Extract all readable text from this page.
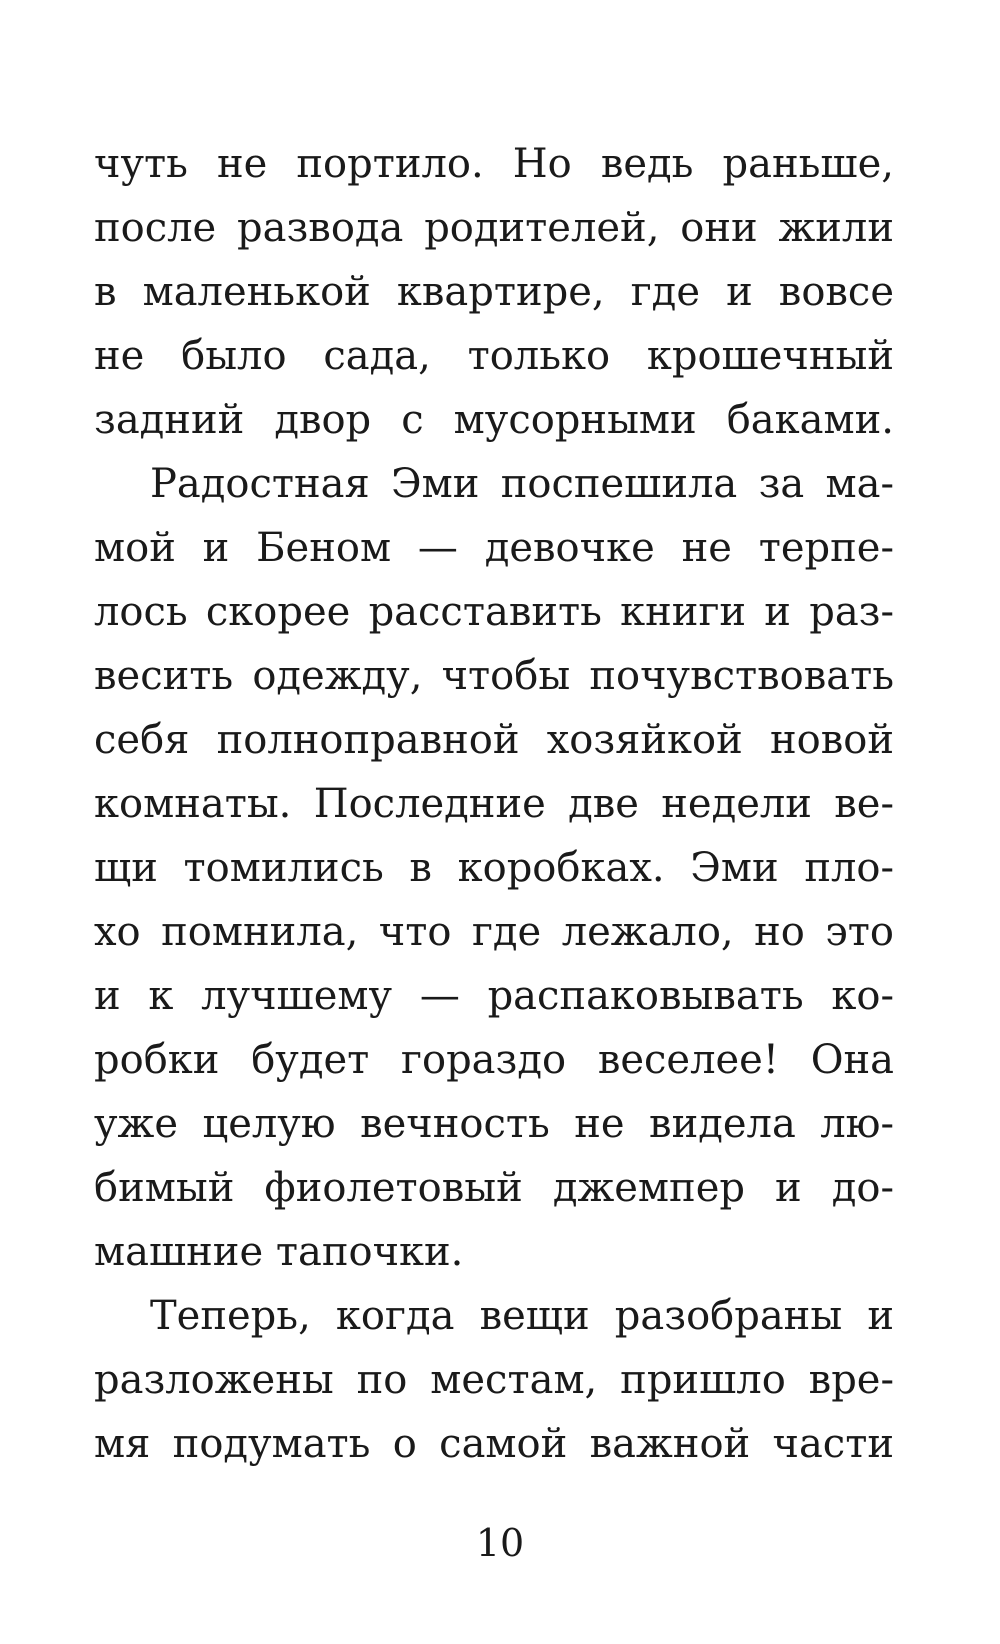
чуть не портило. Но ведь раньше,
после развода родителей, они жили
в маленькой квартире, где и вовсе
не было сада, только крошечный
задний двор с мусорными баками.
Радостная Эми поспешила за ма-
мой и Беном — девочке не терпе-
лось скорее расставить книги и раз-
весить одежду, чтобы почувствовать
себя полноправной хозяйкой новой
комнаты. Последние две недели ве-
щи томились в коробках. Эми пло-
хо помнила, что где лежало, но это
и к лучшему — распаковывать ко-
робки будет гораздо веселее! Она
уже целую вечность не видела лю-
бимый фиолетовый джемпер и до-
машние тапочки.
Теперь, когда вещи разобраны и
разложены по местам, пришло вре-
мя подумать о самой важной части
10
